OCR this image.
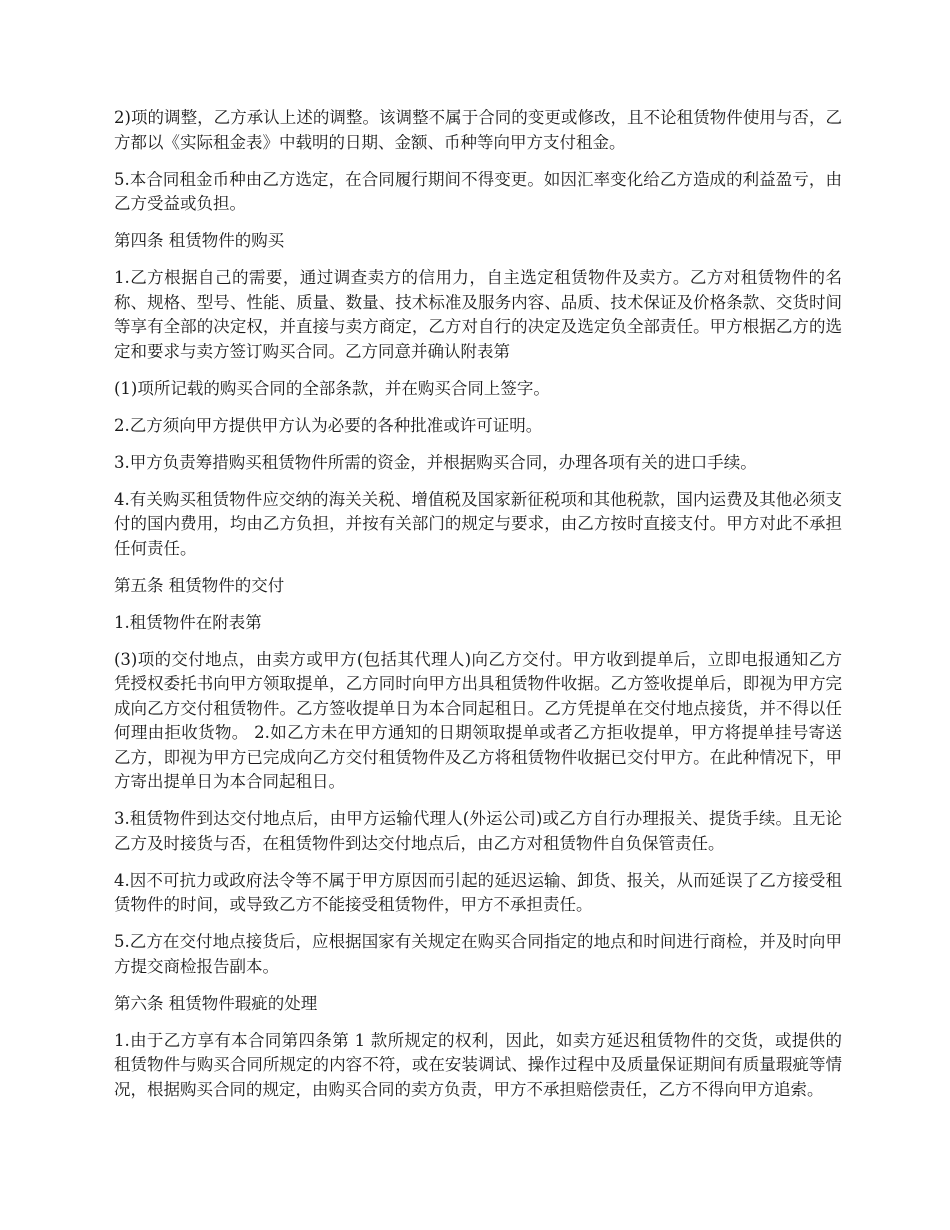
2)项的调整，乙方承认上述的调整。该调整不属于合同的变更或修改，且不论租赁物件使用与否，乙方都以《实际租金表》中载明的日期、金额、币种等向甲方支付租金。

5.本合同租金币种由乙方选定，在合同履行期间不得变更。如因汇率变化给乙方造成的利益盈亏，由乙方受益或负担。

第四条 租赁物件的购买

1.乙方根据自己的需要，通过调查卖方的信用力，自主选定租赁物件及卖方。乙方对租赁物件的名称、规格、型号、性能、质量、数量、技术标准及服务内容、品质、技术保证及价格条款、交货时间等享有全部的决定权，并直接与卖方商定，乙方对自行的决定及选定负全部责任。甲方根据乙方的选定和要求与卖方签订购买合同。乙方同意并确认附表第

(1)项所记载的购买合同的全部条款，并在购买合同上签字。

2.乙方须向甲方提供甲方认为必要的各种批准或许可证明。

3.甲方负责筹措购买租赁物件所需的资金，并根据购买合同，办理各项有关的进口手续。

4.有关购买租赁物件应交纳的海关关税、增值税及国家新征税项和其他税款，国内运费及其他必须支付的国内费用，均由乙方负担，并按有关部门的规定与要求，由乙方按时直接支付。甲方对此不承担任何责任。

第五条 租赁物件的交付

1.租赁物件在附表第

(3)项的交付地点，由卖方或甲方(包括其代理人)向乙方交付。甲方收到提单后，立即电报通知乙方凭授权委托书向甲方领取提单，乙方同时向甲方出具租赁物件收据。乙方签收提单后，即视为甲方完成向乙方交付租赁物件。乙方签收提单日为本合同起租日。乙方凭提单在交付地点接货，并不得以任何理由拒收货物。 2.如乙方未在甲方通知的日期领取提单或者乙方拒收提单，甲方将提单挂号寄送乙方，即视为甲方已完成向乙方交付租赁物件及乙方将租赁物件收据已交付甲方。在此种情况下，甲方寄出提单日为本合同起租日。

3.租赁物件到达交付地点后，由甲方运输代理人(外运公司)或乙方自行办理报关、提货手续。且无论乙方及时接货与否，在租赁物件到达交付地点后，由乙方对租赁物件自负保管责任。

4.因不可抗力或政府法令等不属于甲方原因而引起的延迟运输、卸货、报关，从而延误了乙方接受租赁物件的时间，或导致乙方不能接受租赁物件，甲方不承担责任。

5.乙方在交付地点接货后，应根据国家有关规定在购买合同指定的地点和时间进行商检，并及时向甲方提交商检报告副本。

第六条 租赁物件瑕疵的处理

1.由于乙方享有本合同第四条第 1 款所规定的权利，因此，如卖方延迟租赁物件的交货，或提供的租赁物件与购买合同所规定的内容不符，或在安装调试、操作过程中及质量保证期间有质量瑕疵等情况，根据购买合同的规定，由购买合同的卖方负责，甲方不承担赔偿责任，乙方不得向甲方追索。
